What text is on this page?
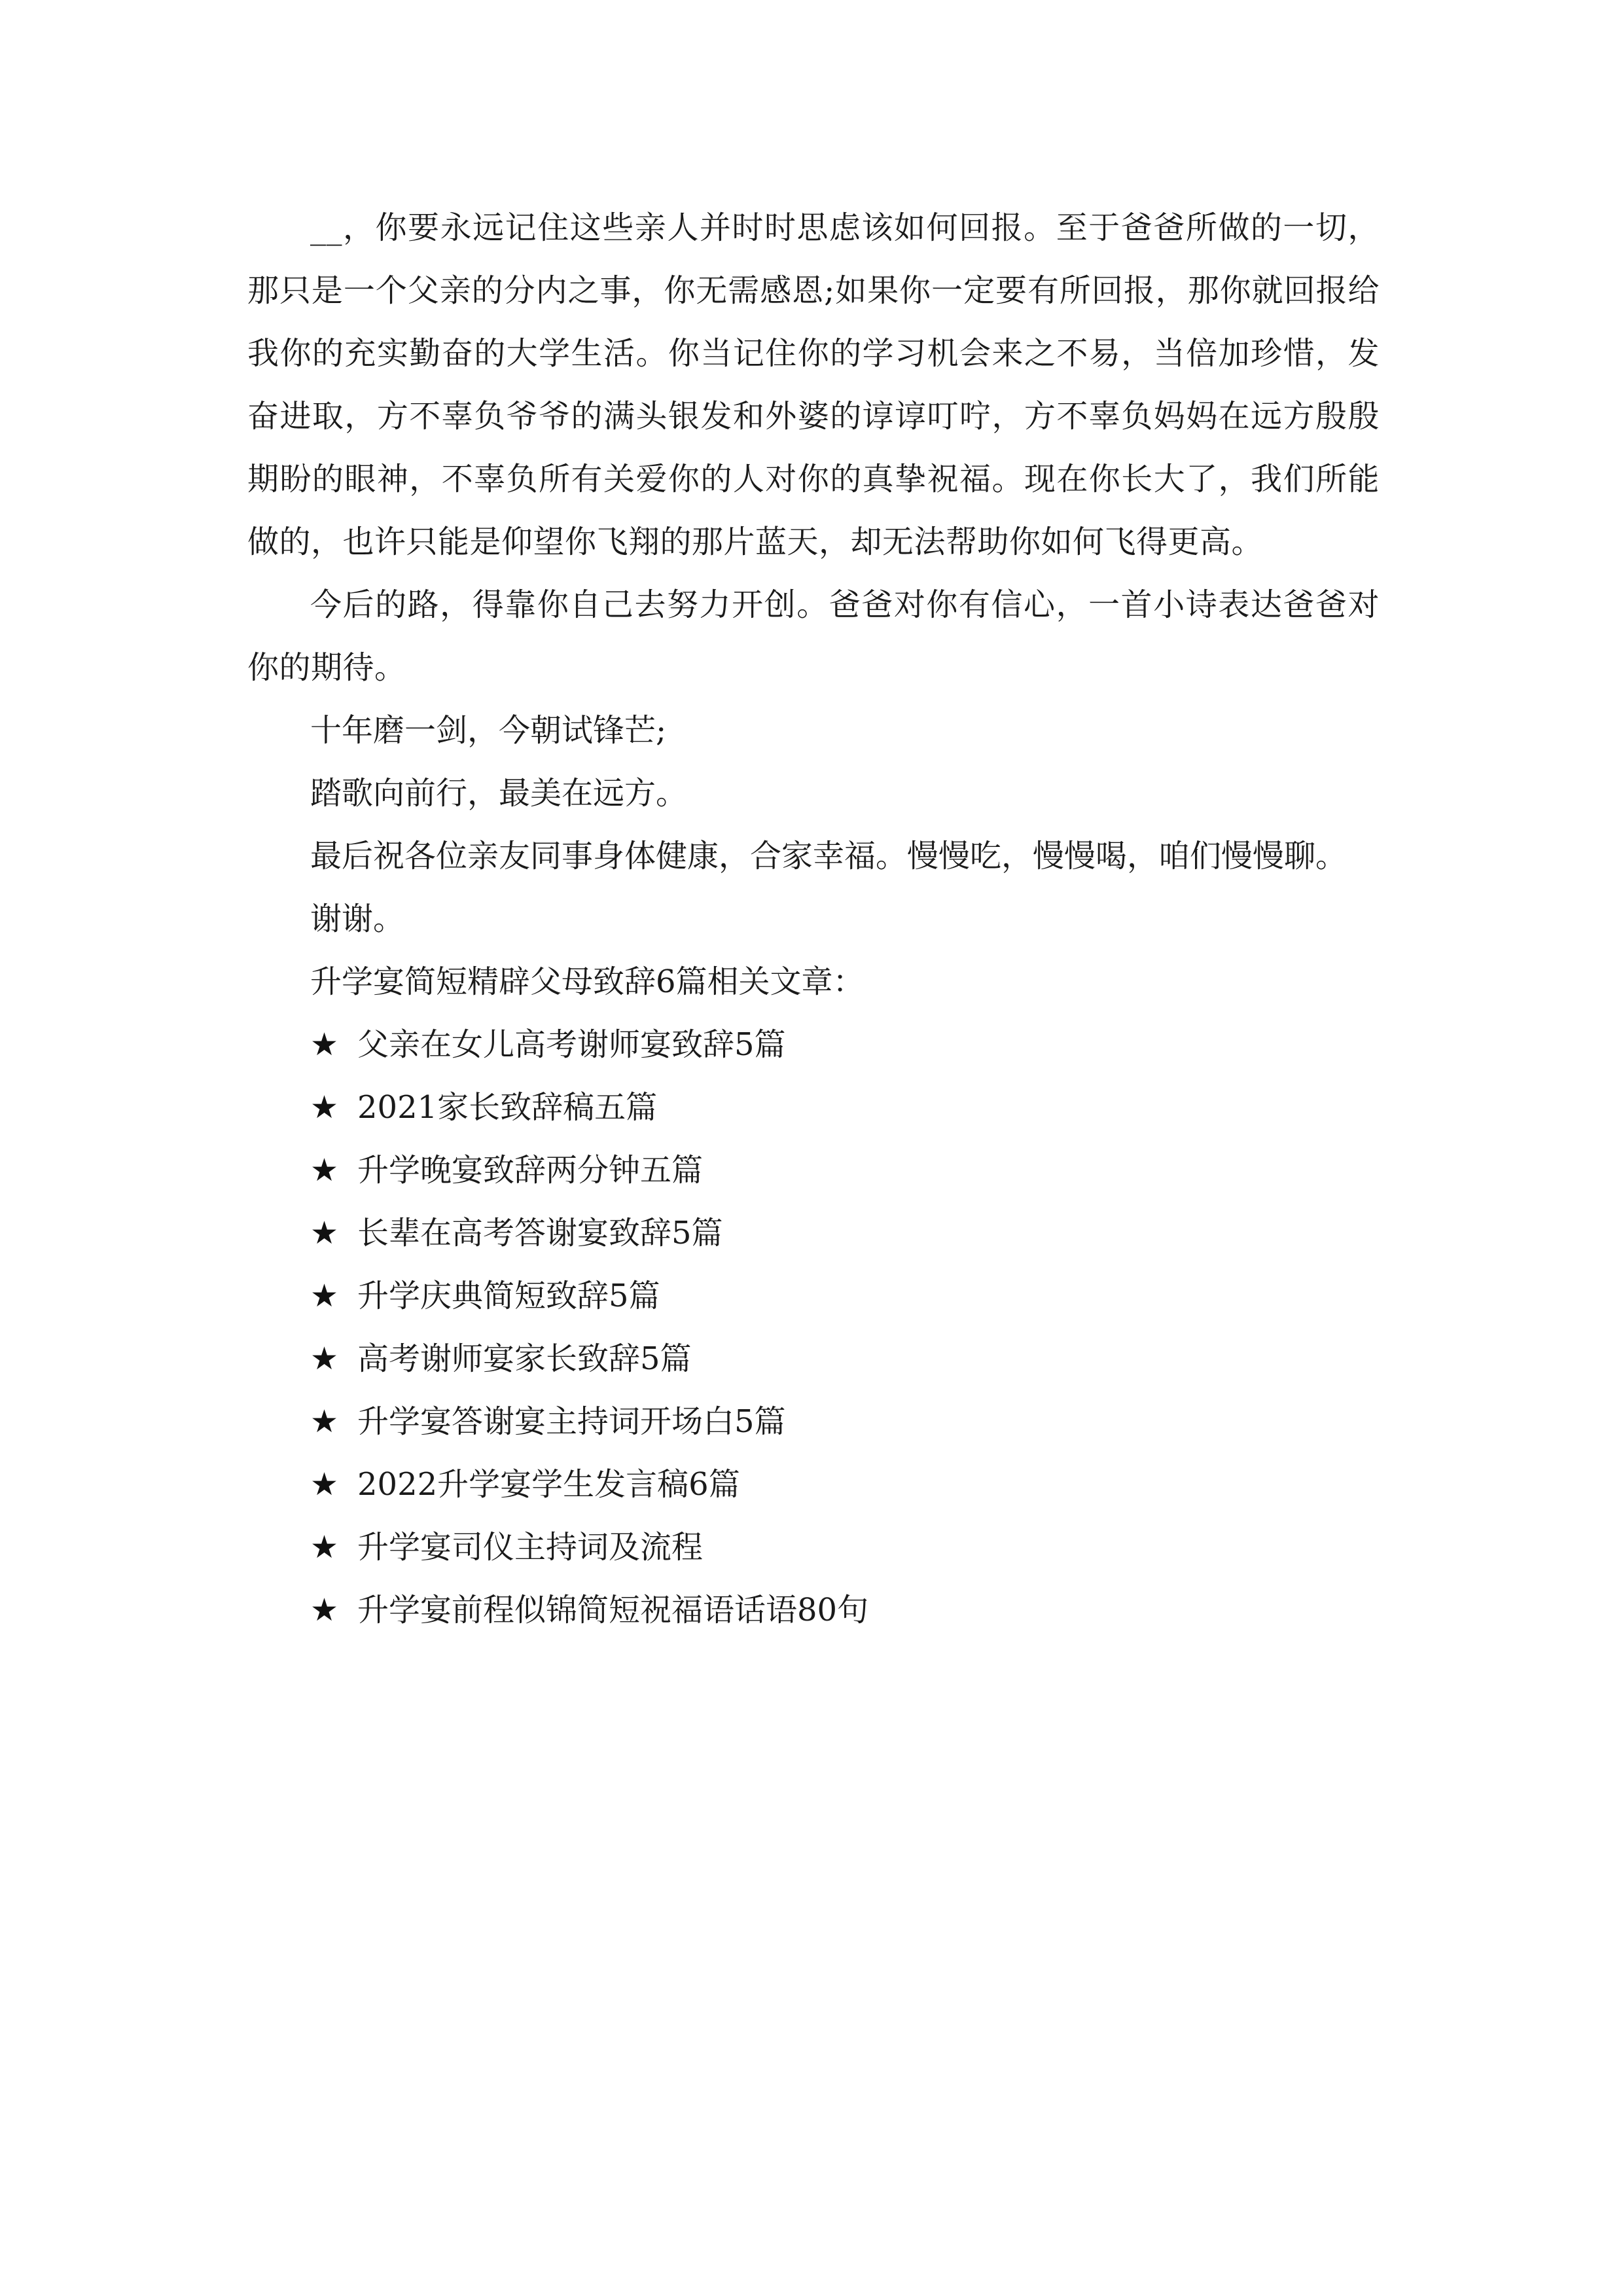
__，你要永远记住这些亲人并时时思虑该如何回报。至于爸爸所做的一切，那只是一个父亲的分内之事，你无需感恩;如果你一定要有所回报，那你就回报给我你的充实勤奋的大学生活。你当记住你的学习机会来之不易，当倍加珍惜，发奋进取，方不辜负爷爷的满头银发和外婆的谆谆叮咛，方不辜负妈妈在远方殷殷期盼的眼神，不辜负所有关爱你的人对你的真挚祝福。现在你长大了，我们所能做的，也许只能是仰望你飞翔的那片蓝天，却无法帮助你如何飞得更高。

今后的路，得靠你自己去努力开创。爸爸对你有信心，一首小诗表达爸爸对你的期待。

十年磨一剑，今朝试锋芒;

踏歌向前行，最美在远方。

最后祝各位亲友同事身体健康，合家幸福。慢慢吃，慢慢喝，咱们慢慢聊。

谢谢。

升学宴简短精辟父母致辞6篇相关文章：

★ 父亲在女儿高考谢师宴致辞5篇

★ 2021家长致辞稿五篇

★ 升学晚宴致辞两分钟五篇

★ 长辈在高考答谢宴致辞5篇

★ 升学庆典简短致辞5篇

★ 高考谢师宴家长致辞5篇

★ 升学宴答谢宴主持词开场白5篇

★ 2022升学宴学生发言稿6篇

★ 升学宴司仪主持词及流程

★ 升学宴前程似锦简短祝福语话语80句
